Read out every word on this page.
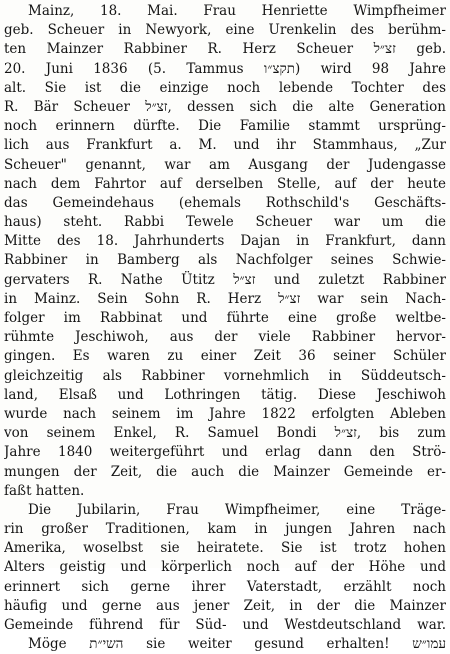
Mainz, 18. Mai. Frau Henriette Wimpfheimer
geb. Scheuer in Newyork, eine Urenkelin des berühm-
ten Mainzer Rabbiner R. Herz Scheuer זצ״ל geb.
20. Juni 1836 (5. Tammus תקצ״ו) wird 98 Jahre
alt. Sie ist die einzige noch lebende Tochter des
R. Bär Scheuer זצ״ל, dessen sich die alte Generation
noch erinnern dürfte. Die Familie stammt ursprüng-
lich aus Frankfurt a. M. und ihr Stammhaus, „Zur
Scheuer" genannt, war am Ausgang der Judengasse
nach dem Fahrtor auf derselben Stelle, auf der heute
das Gemeindehaus (ehemals Rothschild's Geschäfts-
haus) steht. Rabbi Tewele Scheuer war um die
Mitte des 18. Jahrhunderts Dajan in Frankfurt, dann
Rabbiner in Bamberg als Nachfolger seines Schwie-
gervaters R. Nathe Ütitz זצ״ל und zuletzt Rabbiner
in Mainz. Sein Sohn R. Herz זצ״ל war sein Nach-
folger im Rabbinat und führte eine große weltbe-
rühmte Jeschiwoh, aus der viele Rabbiner hervor-
gingen. Es waren zu einer Zeit 36 seiner Schüler
gleichzeitig als Rabbiner vornehmlich in Süddeutsch-
land, Elsaß und Lothringen tätig. Diese Jeschiwoh
wurde nach seinem im Jahre 1822 erfolgten Ableben
von seinem Enkel, R. Samuel Bondi זצ״ל, bis zum
Jahre 1840 weitergeführt und erlag dann den Strö-
mungen der Zeit, die auch die Mainzer Gemeinde er-
faßt hatten.
Die Jubilarin, Frau Wimpfheimer, eine Träge-
rin großer Traditionen, kam in jungen Jahren nach
Amerika, woselbst sie heiratete. Sie ist trotz hohen
Alters geistig und körperlich noch auf der Höhe und
erinnert sich gerne ihrer Vaterstadt, erzählt noch
häufig und gerne aus jener Zeit, in der die Mainzer
Gemeinde führend für Süd- und Westdeutschland war.
Möge השי״ת sie weiter gesund erhalten! עמו״ש
